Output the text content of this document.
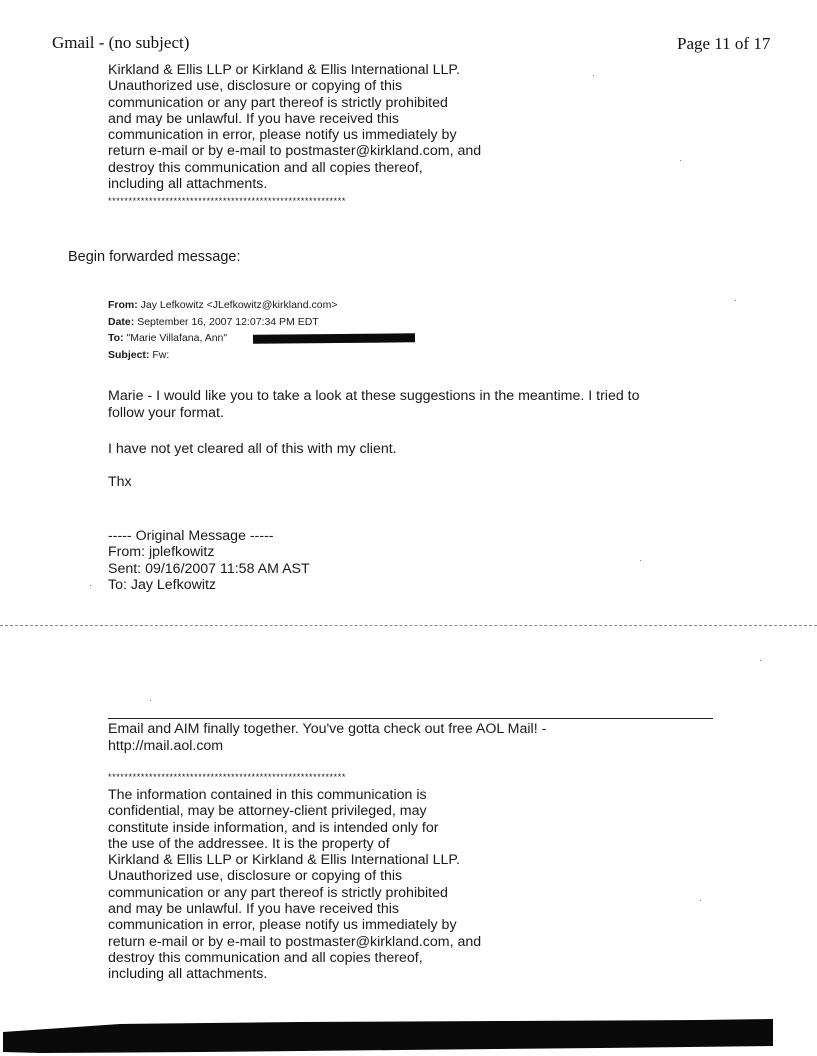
Gmail - (no subject)	Page 11 of 17
Kirkland & Ellis LLP or Kirkland & Ellis International LLP.
Unauthorized use, disclosure or copying of this
communication or any part thereof is strictly prohibited
and may be unlawful. If you have received this
communication in error, please notify us immediately by
return e-mail or by e-mail to postmaster@kirkland.com, and
destroy this communication and all copies thereof,
including all attachments.
**********************************************************
Begin forwarded message:
From: Jay Lefkowitz <JLefkowitz@kirkland.com>
Date: September 16, 2007 12:07:34 PM EDT
To: "Marie Villafana, Ann"
Subject: Fw:
Marie - I would like you to take a look at these suggestions in the meantime. I tried to
follow your format.
I have not yet cleared all of this with my client.
Thx
----- Original Message -----
From: jplefkowitz
Sent: 09/16/2007 11:58 AM AST
To: Jay Lefkowitz
Email and AIM finally together. You've gotta check out free AOL Mail! -
http://mail.aol.com
**********************************************************
The information contained in this communication is
confidential, may be attorney-client privileged, may
constitute inside information, and is intended only for
the use of the addressee. It is the property of
Kirkland & Ellis LLP or Kirkland & Ellis International LLP.
Unauthorized use, disclosure or copying of this
communication or any part thereof is strictly prohibited
and may be unlawful. If you have received this
communication in error, please notify us immediately by
return e-mail or by e-mail to postmaster@kirkland.com, and
destroy this communication and all copies thereof,
including all attachments.
